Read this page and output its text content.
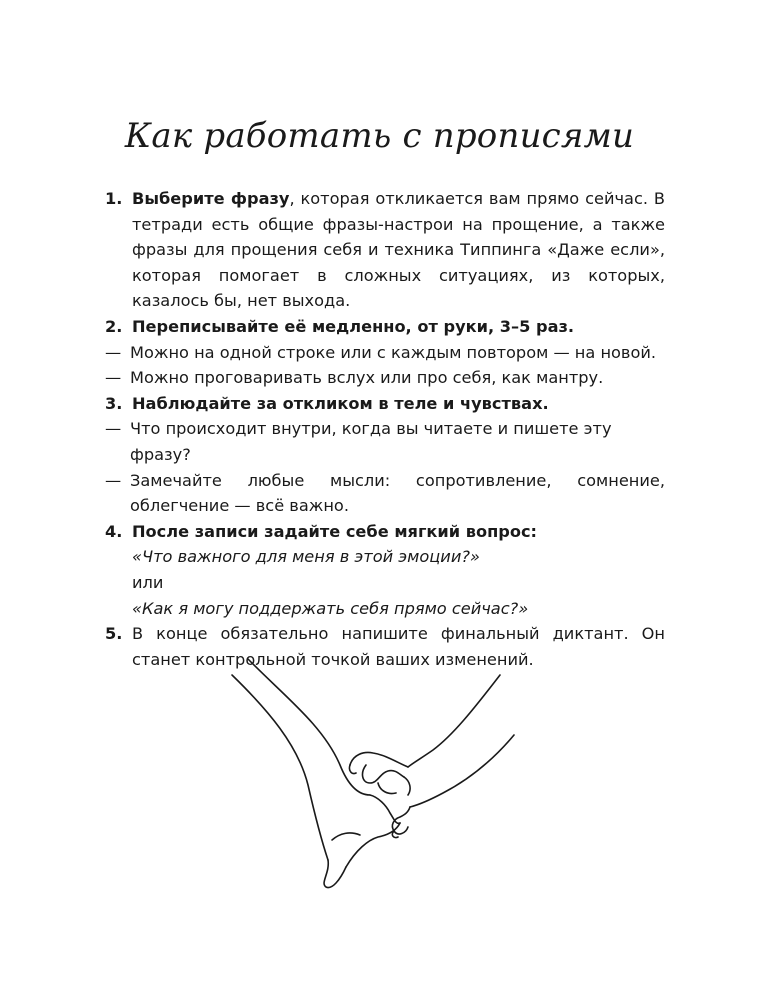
Как работать с прописями
1. Выберите фразу, которая откликается вам прямо сейчас. В тетради есть общие фразы-настрои на прощение, а также фразы для прощения себя и техника Типпинга «Даже если», которая помогает в сложных ситуациях, из которых, казалось бы, нет выхода.
2. Переписывайте её медленно, от руки, 3–5 раз.
— Можно на одной строке или с каждым повтором — на новой.
— Можно проговаривать вслух или про себя, как мантру.
3. Наблюдайте за откликом в теле и чувствах.
— Что происходит внутри, когда вы читаете и пишете эту фразу?
— Замечайте любые мысли: сопротивление, сомнение, облегчение — всё важно.
4. После записи задайте себе мягкий вопрос:
«Что важного для меня в этой эмоции?»
или
«Как я могу поддержать себя прямо сейчас?»
5. В конце обязательно напишите финальный диктант. Он станет контрольной точкой ваших изменений.
